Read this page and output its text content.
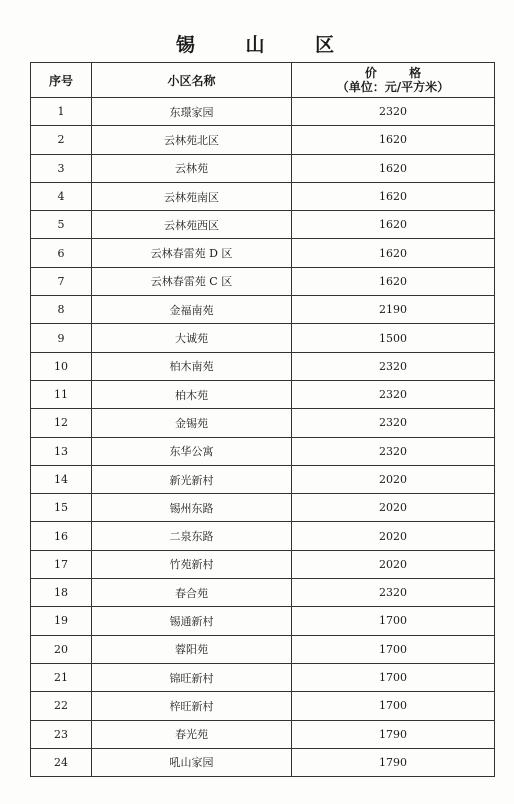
锡 山 区
序号	小区名称	价 格
（单位：元/平方米）

1	东璟家园	2320
2	云林苑北区	1620
3	云林苑	1620
4	云林苑南区	1620
5	云林苑西区	1620
6	云林春雷苑 D 区	1620
7	云林春雷苑 C 区	1620
8	金福南苑	2190
9	大诚苑	1500
10	柏木南苑	2320
11	柏木苑	2320
12	金锡苑	2320
13	东华公寓	2320
14	新光新村	2020
15	锡州东路	2020
16	二泉东路	2020
17	竹苑新村	2020
18	春合苑	2320
19	锡通新村	1700
20	蓉阳苑	1700
21	锦旺新村	1700
22	梓旺新村	1700
23	春光苑	1790
24	吼山家园	1790
